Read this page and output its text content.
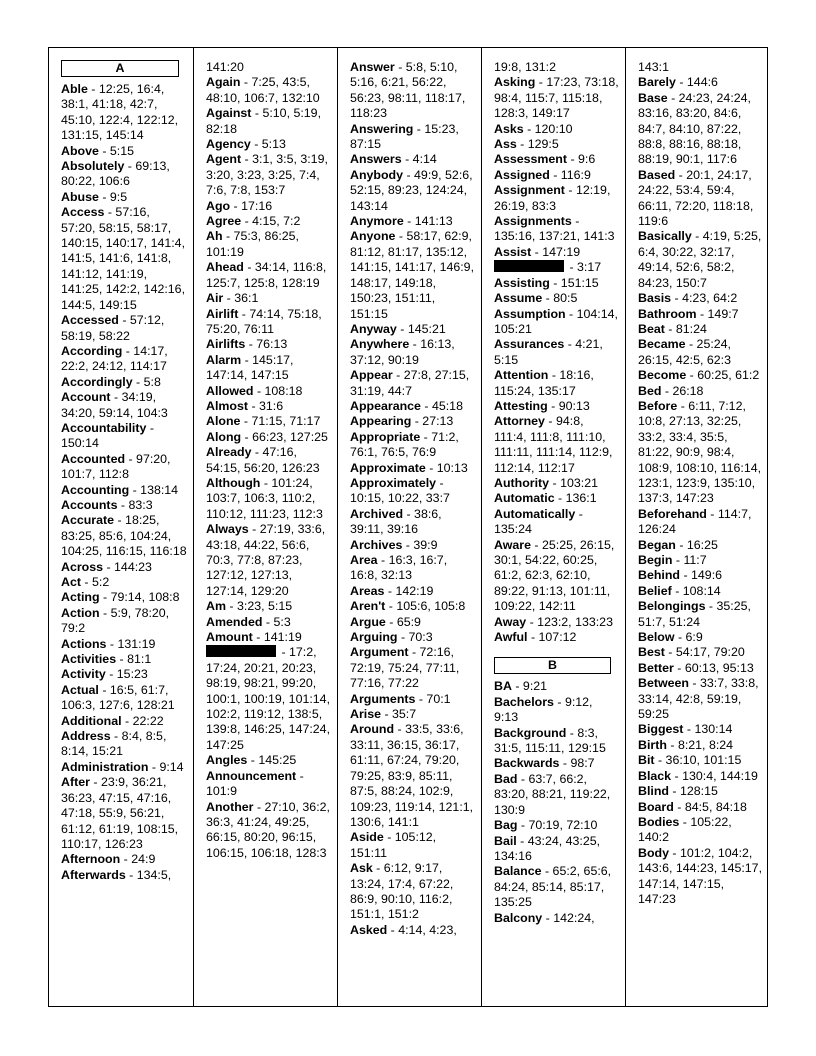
A
Able - 12:25, 16:4, 38:1, 41:18, 42:7, 45:10, 122:4, 122:12, 131:15, 145:14
Above - 5:15
Absolutely - 69:13, 80:22, 106:6
Abuse - 9:5
Access - 57:16, 57:20, 58:15, 58:17, 140:15, 140:17, 141:4, 141:5, 141:6, 141:8, 141:12, 141:19, 141:25, 142:2, 142:16, 144:5, 149:15
Accessed - 57:12, 58:19, 58:22
According - 14:17, 22:2, 24:12, 114:17
Accordingly - 5:8
Account - 34:19, 34:20, 59:14, 104:3
Accountability - 150:14
Accounted - 97:20, 101:7, 112:8
Accounting - 138:14
Accounts - 83:3
Accurate - 18:25, 83:25, 85:6, 104:24, 104:25, 116:15, 116:18
Across - 144:23
Act - 5:2
Acting - 79:14, 108:8
Action - 5:9, 78:20, 79:2
Actions - 131:19
Activities - 81:1
Activity - 15:23
Actual - 16:5, 61:7, 106:3, 127:6, 128:21
Additional - 22:22
Address - 8:4, 8:5, 8:14, 15:21
Administration - 9:14
After - 23:9, 36:21, 36:23, 47:15, 47:16, 47:18, 55:9, 56:21, 61:12, 61:19, 108:15, 110:17, 126:23
Afternoon - 24:9
Afterwards - 134:5,
141:20
Again - 7:25, 43:5, 48:10, 106:7, 132:10
Against - 5:10, 5:19, 82:18
Agency - 5:13
Agent - 3:1, 3:5, 3:19, 3:20, 3:23, 3:25, 7:4, 7:6, 7:8, 153:7
Ago - 17:16
Agree - 4:15, 7:2
Ah - 75:3, 86:25, 101:19
Ahead - 34:14, 116:8, 125:7, 125:8, 128:19
Air - 36:1
Airlift - 74:14, 75:18, 75:20, 76:11
Airlifts - 76:13
Alarm - 145:17, 147:14, 147:15
Allowed - 108:18
Almost - 31:6
Alone - 71:15, 71:17
Along - 66:23, 127:25
Already - 47:16, 54:15, 56:20, 126:23
Although - 101:24, 103:7, 106:3, 110:2, 110:12, 111:23, 112:3
Always - 27:19, 33:6, 43:18, 44:22, 56:6, 70:3, 77:8, 87:23, 127:12, 127:13, 127:14, 129:20
Am - 3:23, 5:15
Amended - 5:3
Amount - 141:19
- 17:2, 17:24, 20:21, 20:23, 98:19, 98:21, 99:20, 100:1, 100:19, 101:14, 102:2, 119:12, 138:5, 139:8, 146:25, 147:24, 147:25
Angles - 145:25
Announcement - 101:9
Another - 27:10, 36:2, 36:3, 41:24, 49:25, 66:15, 80:20, 96:15, 106:15, 106:18, 128:3
Answer - 5:8, 5:10, 5:16, 6:21, 56:22, 56:23, 98:11, 118:17, 118:23
Answering - 15:23, 87:15
Answers - 4:14
Anybody - 49:9, 52:6, 52:15, 89:23, 124:24, 143:14
Anymore - 141:13
Anyone - 58:17, 62:9, 81:12, 81:17, 135:12, 141:15, 141:17, 146:9, 148:17, 149:18, 150:23, 151:11, 151:15
Anyway - 145:21
Anywhere - 16:13, 37:12, 90:19
Appear - 27:8, 27:15, 31:19, 44:7
Appearance - 45:18
Appearing - 27:13
Appropriate - 71:2, 76:1, 76:5, 76:9
Approximate - 10:13
Approximately - 10:15, 10:22, 33:7
Archived - 38:6, 39:11, 39:16
Archives - 39:9
Area - 16:3, 16:7, 16:8, 32:13
Areas - 142:19
Aren't - 105:6, 105:8
Argue - 65:9
Arguing - 70:3
Argument - 72:16, 72:19, 75:24, 77:11, 77:16, 77:22
Arguments - 70:1
Arise - 35:7
Around - 33:5, 33:6, 33:11, 36:15, 36:17, 61:11, 67:24, 79:20, 79:25, 83:9, 85:11, 87:5, 88:24, 102:9, 109:23, 119:14, 121:1, 130:6, 141:1
Aside - 105:12, 151:11
Ask - 6:12, 9:17, 13:24, 17:4, 67:22, 86:9, 90:10, 116:2, 151:1, 151:2
Asked - 4:14, 4:23,
19:8, 131:2
Asking - 17:23, 73:18, 98:4, 115:7, 115:18, 128:3, 149:17
Asks - 120:10
Ass - 129:5
Assessment - 9:6
Assigned - 116:9
Assignment - 12:19, 26:19, 83:3
Assignments - 135:16, 137:21, 141:3
Assist - 147:19
- 3:17
Assisting - 151:15
Assume - 80:5
Assumption - 104:14, 105:21
Assurances - 4:21, 5:15
Attention - 18:16, 115:24, 135:17
Attesting - 90:13
Attorney - 94:8, 111:4, 111:8, 111:10, 111:11, 111:14, 112:9, 112:14, 112:17
Authority - 103:21
Automatic - 136:1
Automatically - 135:24
Aware - 25:25, 26:15, 30:1, 54:22, 60:25, 61:2, 62:3, 62:10, 89:22, 91:13, 101:11, 109:22, 142:11
Away - 123:2, 133:23
Awful - 107:12
B
BA - 9:21
Bachelors - 9:12, 9:13
Background - 8:3, 31:5, 115:11, 129:15
Backwards - 98:7
Bad - 63:7, 66:2, 83:20, 88:21, 119:22, 130:9
Bag - 70:19, 72:10
Bail - 43:24, 43:25, 134:16
Balance - 65:2, 65:6, 84:24, 85:14, 85:17, 135:25
Balcony - 142:24,
143:1
Barely - 144:6
Base - 24:23, 24:24, 83:16, 83:20, 84:6, 84:7, 84:10, 87:22, 88:8, 88:16, 88:18, 88:19, 90:1, 117:6
Based - 20:1, 24:17, 24:22, 53:4, 59:4, 66:11, 72:20, 118:18, 119:6
Basically - 4:19, 5:25, 6:4, 30:22, 32:17, 49:14, 52:6, 58:2, 84:23, 150:7
Basis - 4:23, 64:2
Bathroom - 149:7
Beat - 81:24
Became - 25:24, 26:15, 42:5, 62:3
Become - 60:25, 61:2
Bed - 26:18
Before - 6:11, 7:12, 10:8, 27:13, 32:25, 33:2, 33:4, 35:5, 81:22, 90:9, 98:4, 108:9, 108:10, 116:14, 123:1, 123:9, 135:10, 137:3, 147:23
Beforehand - 114:7, 126:24
Began - 16:25
Begin - 11:7
Behind - 149:6
Belief - 108:14
Belongings - 35:25, 51:7, 51:24
Below - 6:9
Best - 54:17, 79:20
Better - 60:13, 95:13
Between - 33:7, 33:8, 33:14, 42:8, 59:19, 59:25
Biggest - 130:14
Birth - 8:21, 8:24
Bit - 36:10, 101:15
Black - 130:4, 144:19
Blind - 128:15
Board - 84:5, 84:18
Bodies - 105:22, 140:2
Body - 101:2, 104:2, 143:6, 144:23, 145:17, 147:14, 147:15, 147:23
